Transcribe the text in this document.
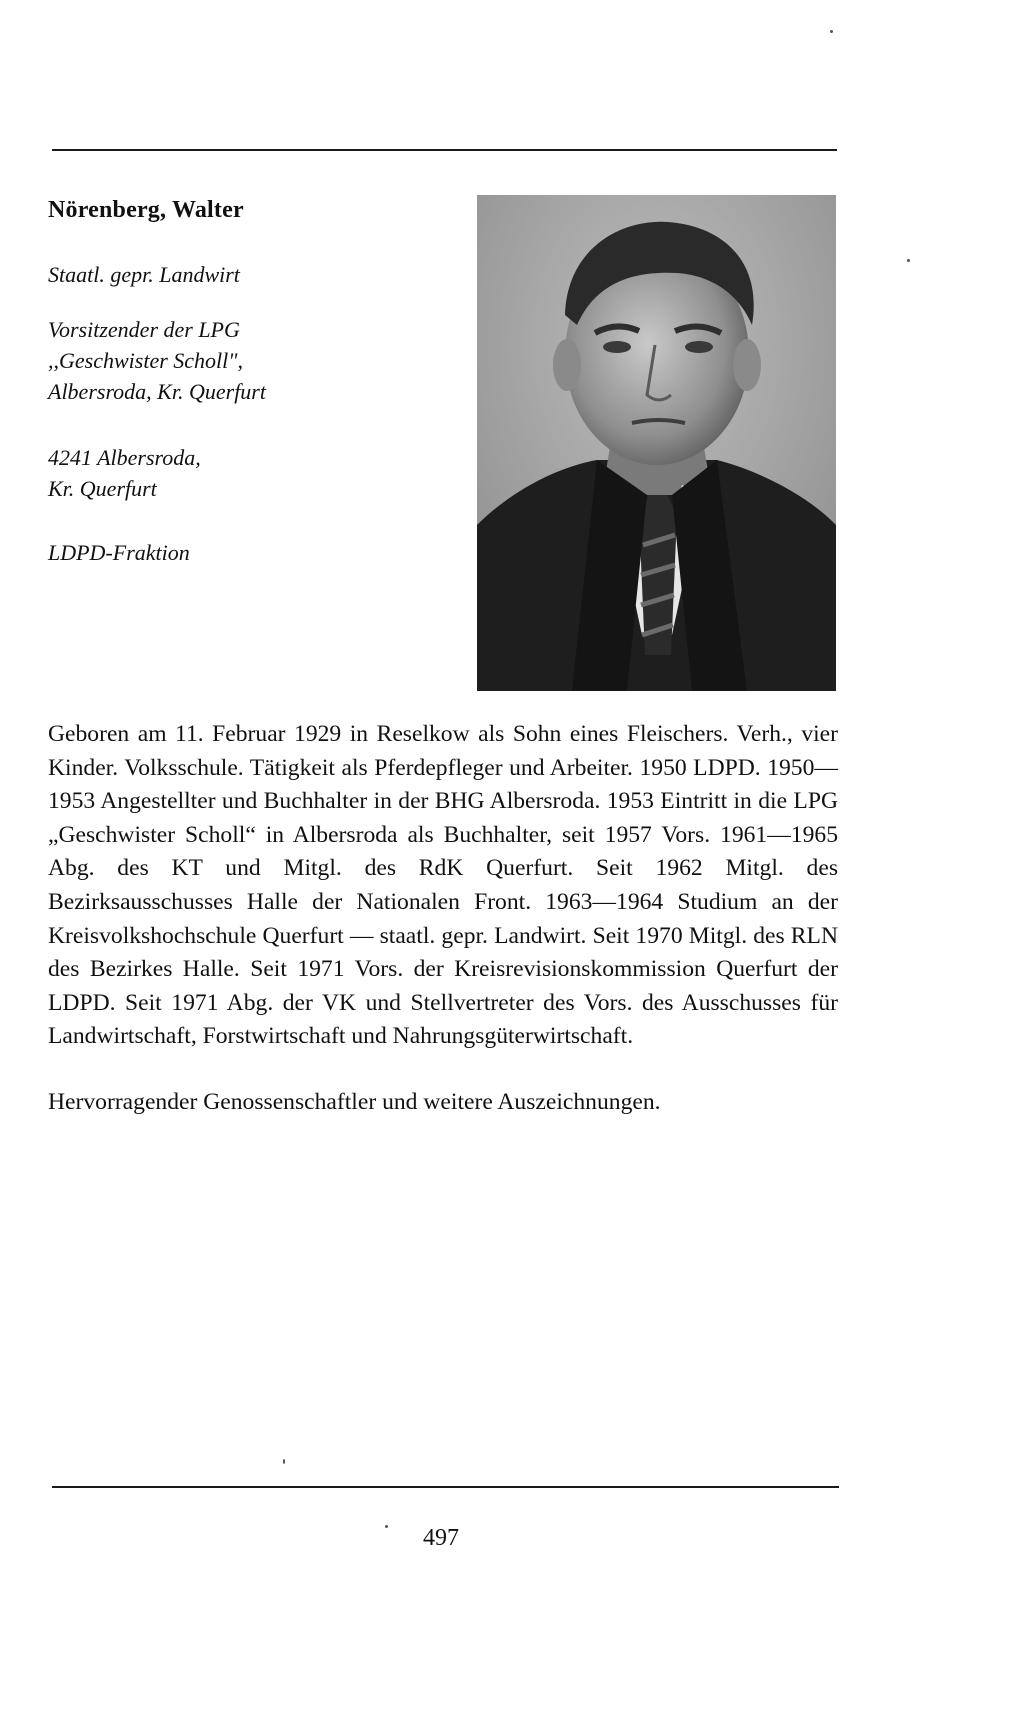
Nörenberg, Walter
Staatl. gepr. Landwirt
Vorsitzender der LPG
,,Geschwister Scholl",
Albersroda, Kr. Querfurt
4241 Albersroda,
Kr. Querfurt
LDPD-Fraktion

Geboren am 11. Februar 1929 in Reselkow als Sohn eines Fleischers. Verh., vier Kinder. Volksschule. Tätigkeit als Pferdepfleger und Arbeiter. 1950 LDPD. 1950—1953 Angestellter und Buchhalter in der BHG Albersroda. 1953 Eintritt in die LPG „Geschwister Scholl“ in Albersroda als Buchhalter, seit 1957 Vors. 1961—1965 Abg. des KT und Mitgl. des RdK Querfurt. Seit 1962 Mitgl. des Bezirksausschusses Halle der Nationalen Front. 1963—1964 Studium an der Kreisvolkshochschule Querfurt — staatl. gepr. Landwirt. Seit 1970 Mitgl. des RLN des Bezirkes Halle. Seit 1971 Vors. der Kreisrevisionskommission Querfurt der LDPD. Seit 1971 Abg. der VK und Stellvertreter des Vors. des Ausschusses für Landwirtschaft, Forstwirtschaft und Nahrungsgüterwirtschaft.

Hervorragender Genossenschaftler und weitere Auszeichnungen.
497
